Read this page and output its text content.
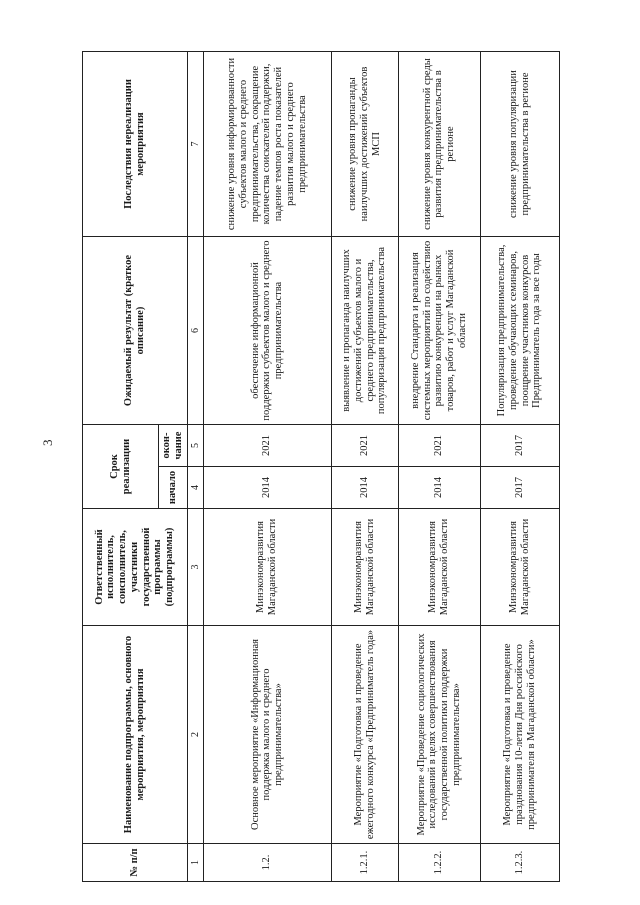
3
№ п/п	Наименование подпрограммы, основного мероприятия, мероприятия	Ответственный исполнитель, соисполнитель, участники государственной программы (подпрограммы)	Срок реализации		Ожидаемый результат (краткое описание)	Последствия нереализации мероприятия
			начало	окон-чание		
1	2	3	4	5	6	7
1.2.	Основное мероприятие «Информационная поддержка малого и среднего предпринимательства»	Минэкономразвития Магаданской области	2014	2021	обеспечение информационной поддержки субъектов малого и среднего предпринимательства	снижение уровня информированности субъектов малого и среднего предпринимательства, сокращение количества соискателей поддержки, падение темпов роста показателей развития малого и среднего предпринимательства
1.2.1.	Мероприятие «Подготовка и проведение ежегодного конкурса «Предприниматель года»	Минэкономразвития Магаданской области	2014	2021	выявление и пропаганда наилучших достижений субъектов малого и среднего предпринимательства, популяризация предпринимательства	снижение уровня пропаганды наилучших достижений субъектов МСП
1.2.2.	Мероприятие «Проведение социологических исследований в целях совершенствования государственной политики поддержки предпринимательства»	Минэкономразвития Магаданской области	2014	2021	внедрение Стандарта и реализация системных мероприятий по содействию развитию конкуренции на рынках товаров, работ и услуг Магаданской области	снижение уровня конкурентной среды развития предпринимательства в регионе
1.2.3.	Мероприятие «Подготовка и проведение празднования 10-летия Дня российского предпринимателя в Магаданской области»	Минэкономразвития Магаданской области	2017	2017	Популяризация предпринимательства, проведение обучающих семинаров, поощрение участников конкурсов Предприниматель года за все годы	снижение уровня популяризации предпринимательства в регионе
